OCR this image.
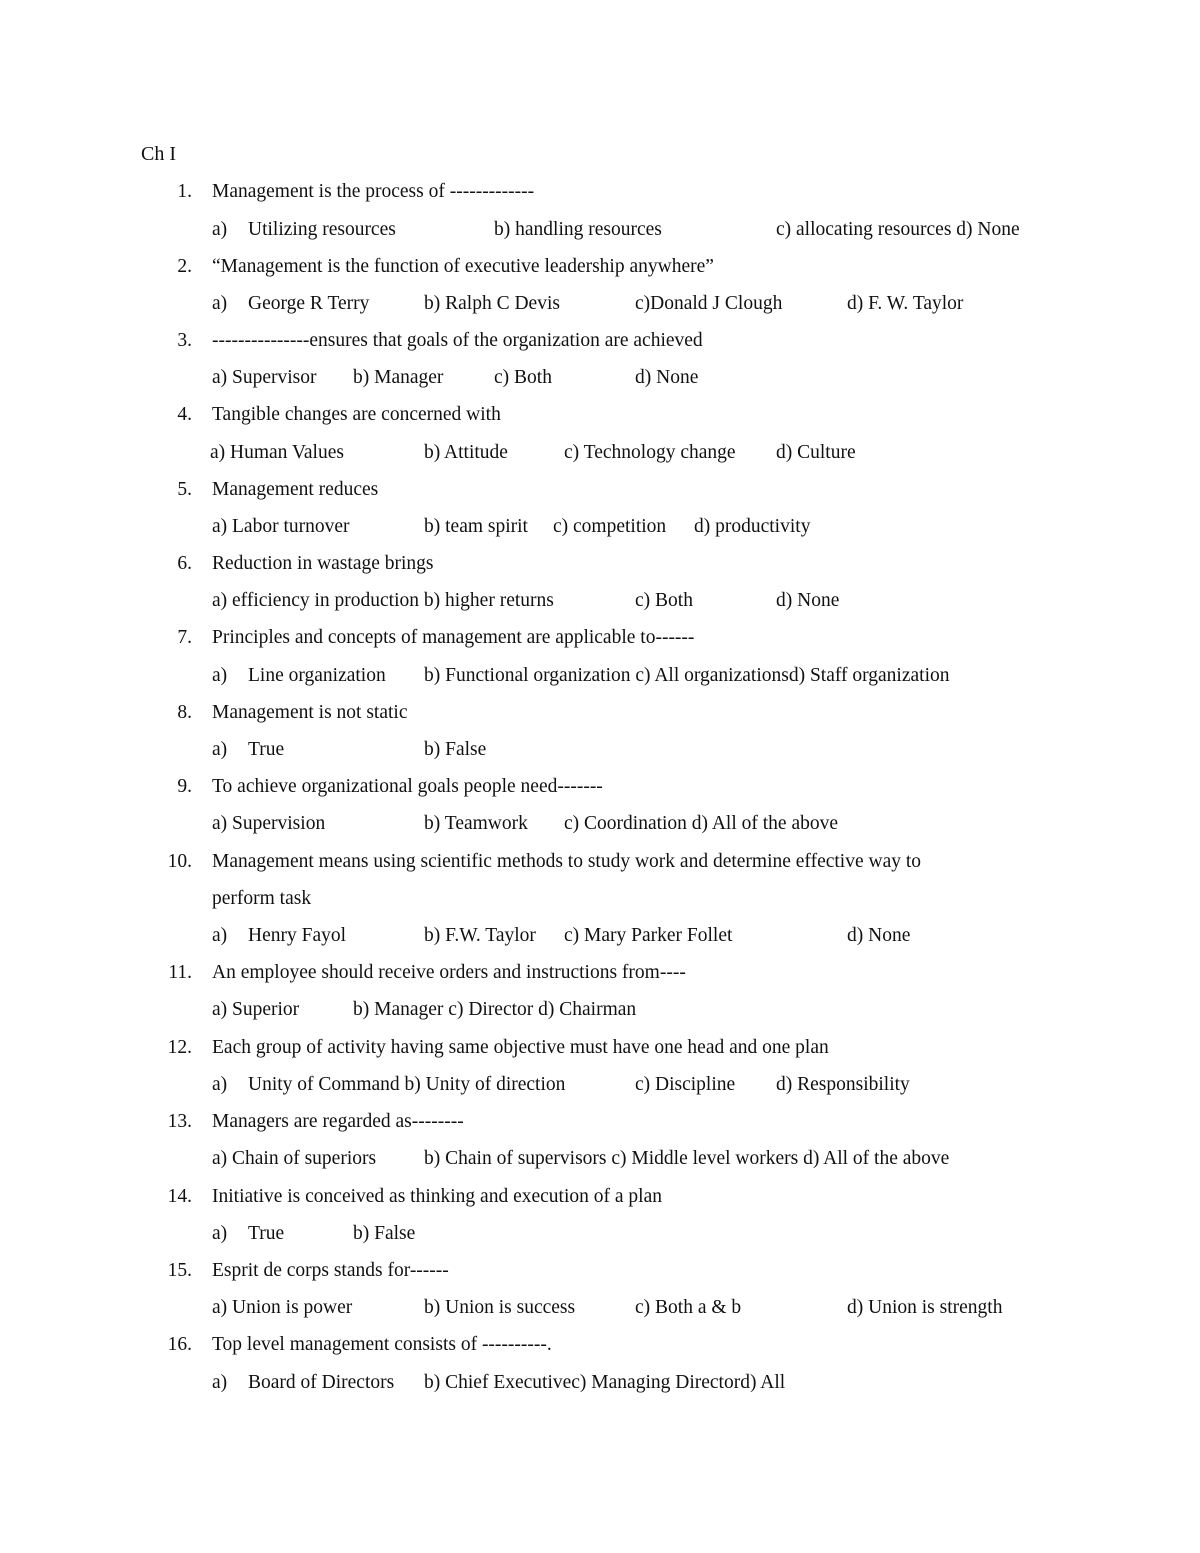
Ch I
1. Management is the process of -------------
a) Utilizing resources	b) handling resources	c) allocating resources d) None
2. “Management is the function of executive leadership anywhere”
a) George R Terry	b) Ralph C Devis	c)Donald J Clough	d) F. W. Taylor
3. ---------------ensures that goals of the organization are achieved
a) Supervisor b) Manager	c) Both	d) None
4. Tangible changes are concerned with
a) Human Values	b) Attitude	c) Technology change d) Culture
5. Management reduces
a) Labor turnover	b) team spirit c) competition d) productivity
6. Reduction in wastage brings
a) efficiency in production b) higher returns	c) Both	d) None
7. Principles and concepts of management are applicable to------
a) Line organization b) Functional organization c) All organizationsd) Staff organization
8. Management is not static
a) True	b) False
9. To achieve organizational goals people need-------
a) Supervision	b) Teamwork c) Coordination d) All of the above
10. Management means using scientific methods to study work and determine effective way to
perform task
a) Henry Fayol	b) F.W. Taylor c) Mary Parker Follet	d) None
11. An employee should receive orders and instructions from----
a) Superior	b) Manager c) Director d) Chairman
12. Each group of activity having same objective must have one head and one plan
a) Unity of Command b) Unity of direction	c) Discipline d) Responsibility
13. Managers are regarded as--------
a) Chain of superiors b) Chain of supervisors c) Middle level workers d) All of the above
14. Initiative is conceived as thinking and execution of a plan
a) True	b) False
15. Esprit de corps stands for------
a) Union is power	b) Union is success	c) Both a & b	d) Union is strength
16. Top level management consists of ----------.
a) Board of Directors b) Chief Executivec) Managing Directord) All
